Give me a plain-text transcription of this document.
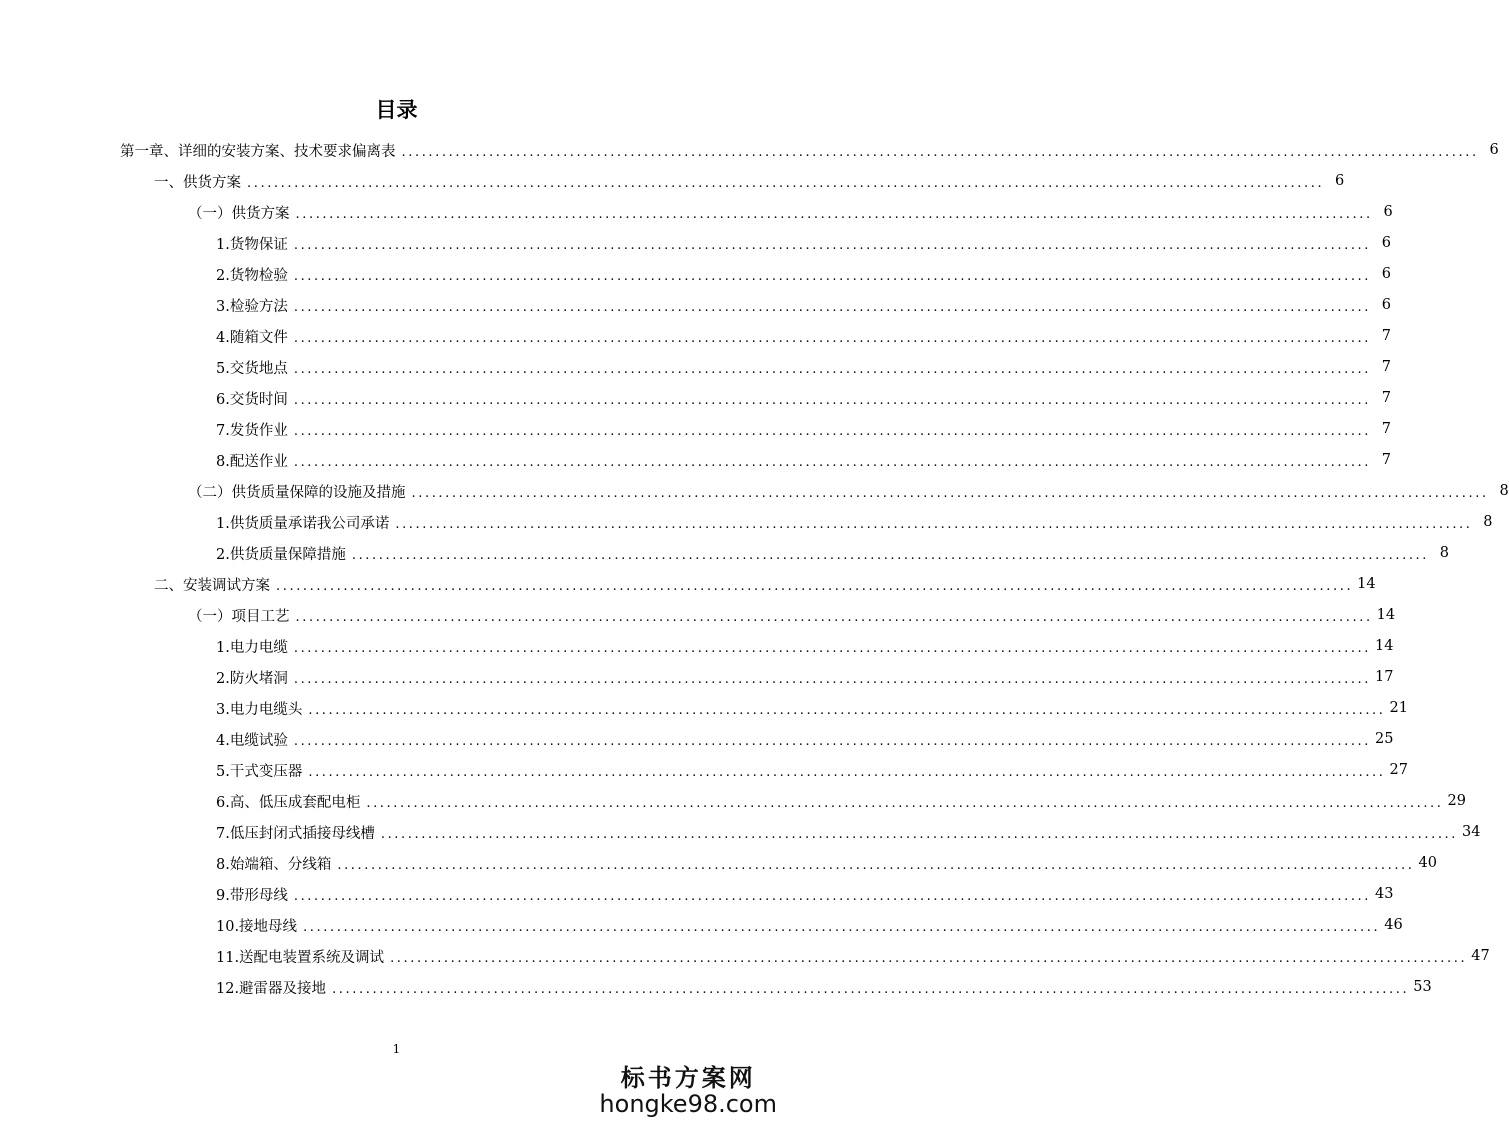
目录
第一章、详细的安装方案、技术要求偏离表 ................................................................................................................................................................ 6
一、供货方案 ................................................................................................................................................................ 6
（一）供货方案 ................................................................................................................................................................ 6
1.货物保证 ................................................................................................................................................................ 6
2.货物检验 ................................................................................................................................................................ 6
3.检验方法 ................................................................................................................................................................ 6
4.随箱文件 ................................................................................................................................................................ 7
5.交货地点 ................................................................................................................................................................ 7
6.交货时间 ................................................................................................................................................................ 7
7.发货作业 ................................................................................................................................................................ 7
8.配送作业 ................................................................................................................................................................ 7
（二）供货质量保障的设施及措施 ................................................................................................................................................................ 8
1.供货质量承诺我公司承诺 ................................................................................................................................................................ 8
2.供货质量保障措施 ................................................................................................................................................................ 8
二、安装调试方案 ................................................................................................................................................................ 14
（一）项目工艺 ................................................................................................................................................................ 14
1.电力电缆 ................................................................................................................................................................ 14
2.防火堵洞 ................................................................................................................................................................ 17
3.电力电缆头 ................................................................................................................................................................ 21
4.电缆试验 ................................................................................................................................................................ 25
5.干式变压器 ................................................................................................................................................................ 27
6.高、低压成套配电柜 ................................................................................................................................................................ 29
7.低压封闭式插接母线槽 ................................................................................................................................................................ 34
8.始端箱、分线箱 ................................................................................................................................................................ 40
9.带形母线 ................................................................................................................................................................ 43
10.接地母线 ................................................................................................................................................................ 46
11.送配电装置系统及调试 ................................................................................................................................................................ 47
12.避雷器及接地 ................................................................................................................................................................ 53
1
标书方案网
hongke98.com
